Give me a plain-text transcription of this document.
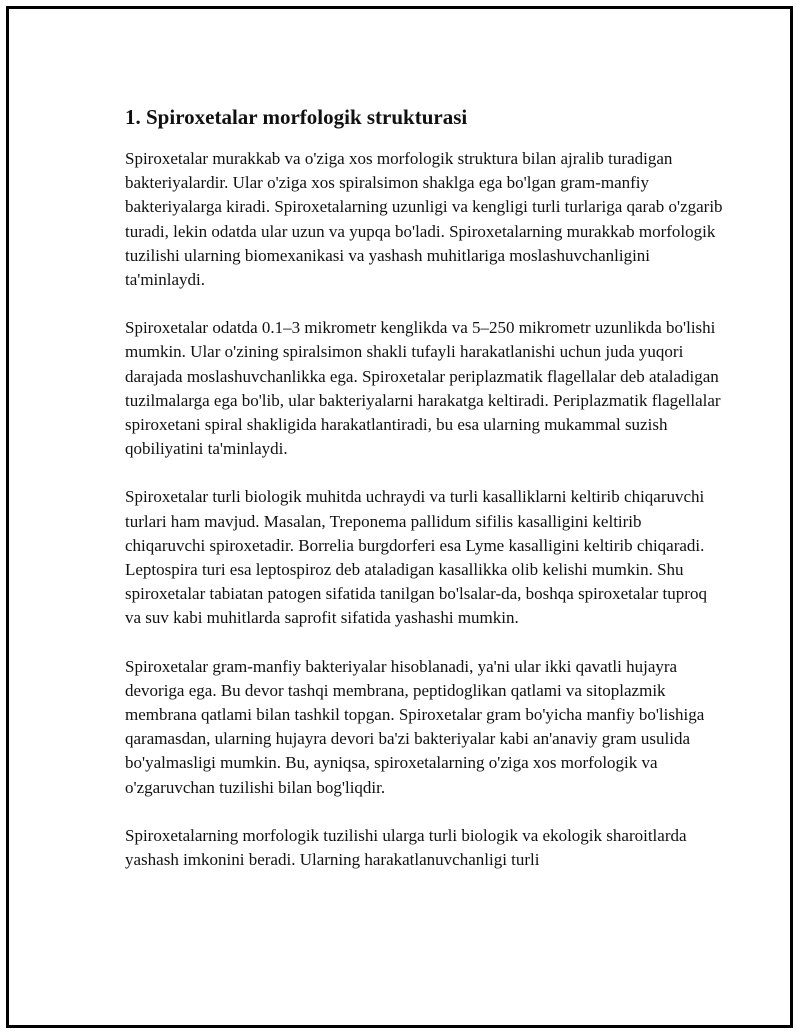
1. Spiroxetalar morfologik strukturasi

Spiroxetalar murakkab va o'ziga xos morfologik struktura bilan ajralib turadigan bakteriyalardir. Ular o'ziga xos spiralsimon shaklga ega bo'lgan gram-manfiy bakteriyalarga kiradi. Spiroxetalarning uzunligi va kengligi turli turlariga qarab o'zgarib turadi, lekin odatda ular uzun va yupqa bo'ladi. Spiroxetalarning murakkab morfologik tuzilishi ularning biomexanikasi va yashash muhitlariga moslashuvchanligini ta'minlaydi.

Spiroxetalar odatda 0.1–3 mikrometr kenglikda va 5–250 mikrometr uzunlikda bo'lishi mumkin. Ular o'zining spiralsimon shakli tufayli harakatlanishi uchun juda yuqori darajada moslashuvchanlikka ega. Spiroxetalar periplazmatik flagellalar deb ataladigan tuzilmalarga ega bo'lib, ular bakteriyalarni harakatga keltiradi. Periplazmatik flagellalar spiroxetani spiral shakligida harakatlantiradi, bu esa ularning mukammal suzish qobiliyatini ta'minlaydi.

Spiroxetalar turli biologik muhitda uchraydi va turli kasalliklarni keltirib chiqaruvchi turlari ham mavjud. Masalan, Treponema pallidum sifilis kasalligini keltirib chiqaruvchi spiroxetadir. Borrelia burgdorferi esa Lyme kasalligini keltirib chiqaradi. Leptospira turi esa leptospiroz deb ataladigan kasallikka olib kelishi mumkin. Shu spiroxetalar tabiatan patogen sifatida tanilgan bo'lsalar-da, boshqa spiroxetalar tuproq va suv kabi muhitlarda saprofit sifatida yashashi mumkin.

Spiroxetalar gram-manfiy bakteriyalar hisoblanadi, ya'ni ular ikki qavatli hujayra devoriga ega. Bu devor tashqi membrana, peptidoglikan qatlami va sitoplazmik membrana qatlami bilan tashkil topgan. Spiroxetalar gram bo'yicha manfiy bo'lishiga qaramasdan, ularning hujayra devori ba'zi bakteriyalar kabi an'anaviy gram usulida bo'yalmasligi mumkin. Bu, ayniqsa, spiroxetalarning o'ziga xos morfologik va o'zgaruvchan tuzilishi bilan bog'liqdir.

Spiroxetalarning morfologik tuzilishi ularga turli biologik va ekologik sharoitlarda yashash imkonini beradi. Ularning harakatlanuvchanligi turli
